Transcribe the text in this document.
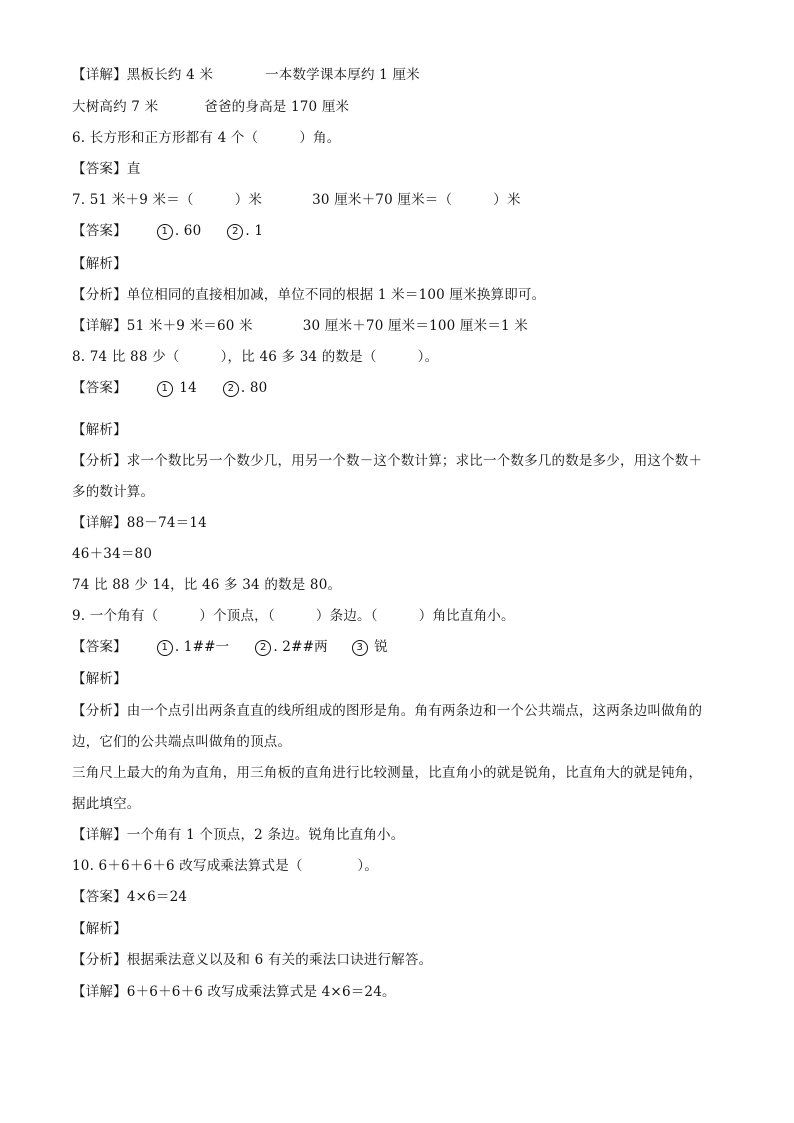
【详解】黑板长约 4 米	一本数学课本厚约 1 厘米
大树高约 7 米	爸爸的身高是 170 厘米
6. 长方形和正方形都有 4 个（　　　）角。
【答案】直
7. 51 米＋9 米＝（　　　）米	30 厘米＋70 厘米＝（　　　）米
【答案】	1 . 60	2 . 1
【解析】
【分析】单位相同的直接相加减，单位不同的根据 1 米＝100 厘米换算即可。
【详解】51 米＋9 米＝60 米	30 厘米＋70 厘米＝100 厘米＝1 米
8. 74 比 88 少（　　　），比 46 多 34 的数是（　　　）。
【答案】	1 14	2 . 80
【解析】
【分析】求一个数比另一个数少几，用另一个数－这个数计算；求比一个数多几的数是多少，用这个数＋
多的数计算。
【详解】88－74＝14
46＋34＝80
74 比 88 少 14，比 46 多 34 的数是 80。
9. 一个角有（　　　）个顶点，（　　　）条边。（　　　）角比直角小。
【答案】	1 . 1##一	2 . 2##两	3 锐
【解析】
【分析】由一个点引出两条直直的线所组成的图形是角。角有两条边和一个公共端点，这两条边叫做角的
边，它们的公共端点叫做角的顶点。
三角尺上最大的角为直角，用三角板的直角进行比较测量，比直角小的就是锐角，比直角大的就是钝角，
据此填空。
【详解】一个角有 1 个顶点，2 条边。锐角比直角小。
10. 6＋6＋6＋6 改写成乘法算式是（　　　　）。
【答案】4×6＝24
【解析】
【分析】根据乘法意义以及和 6 有关的乘法口诀进行解答。
【详解】6＋6＋6＋6 改写成乘法算式是 4×6＝24。
